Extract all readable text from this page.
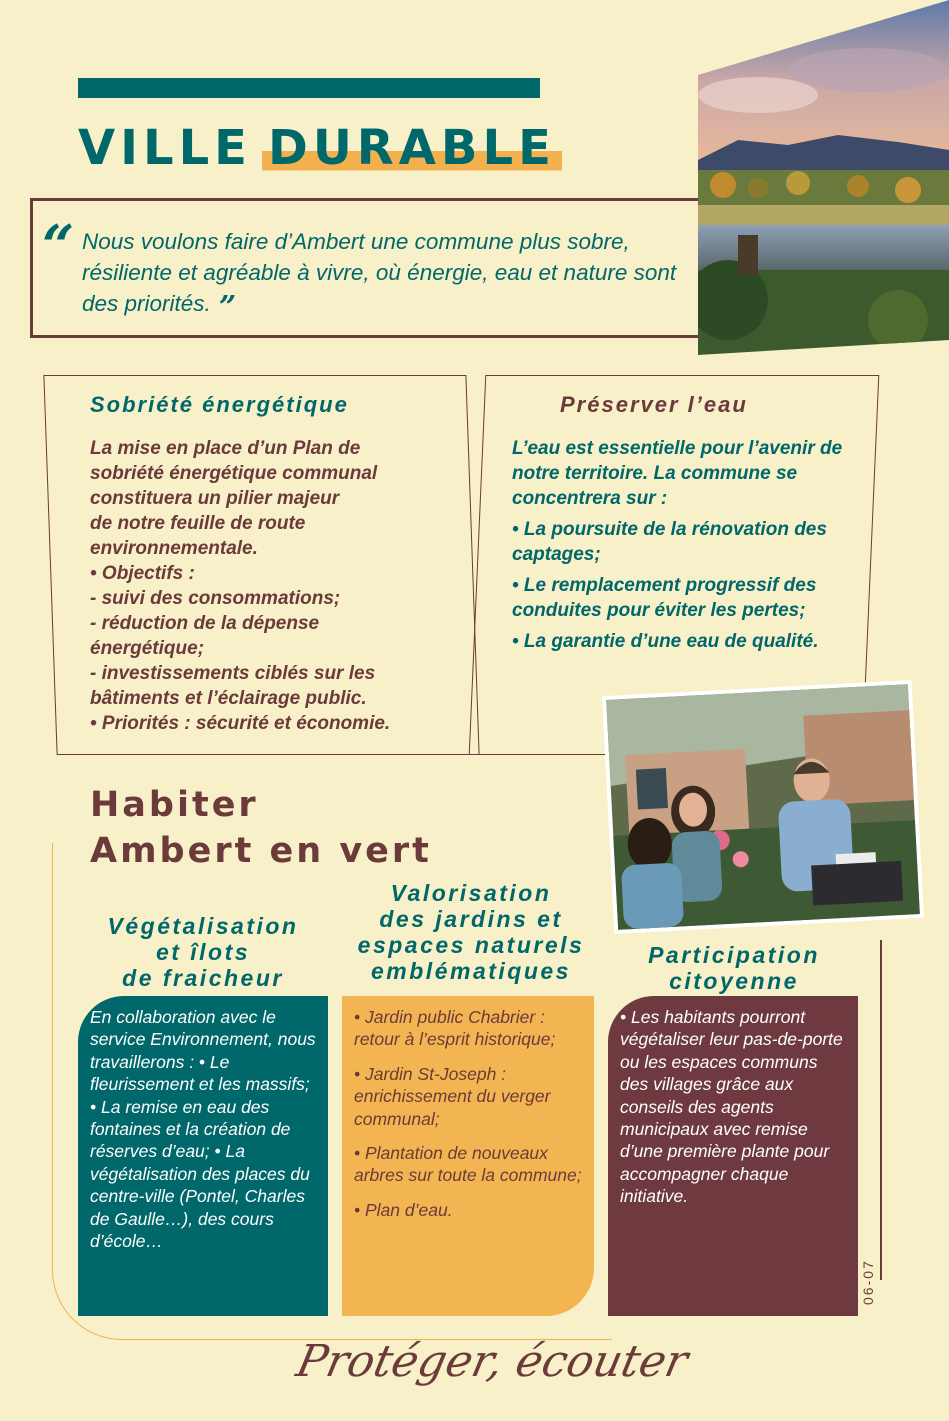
VILLE DURABLE
“ Nous voulons faire d’Ambert une commune plus sobre, résiliente et agréable à vivre, où énergie, eau et nature sont des priorités. ”
Sobriété énergétique
La mise en place d’un Plan de
sobriété énergétique communal
constituera un pilier majeur
de notre feuille de route
environnementale.
• Objectifs :
- suivi des consommations;
- réduction de la dépense
énergétique;
- investissements ciblés sur les
bâtiments et l’éclairage public.
• Priorités : sécurité et économie.
Préserver l’eau

L’eau est essentielle pour l’avenir de notre territoire. La commune se concentrera sur :

• La poursuite de la rénovation des captages;

• Le remplacement progressif des conduites pour éviter les pertes;

• La garantie d’une eau de qualité.

Habiter
Ambert en vert
Végétalisation
et îlots
de fraicheur
Valorisation
des jardins et
espaces naturels
emblématiques
Participation
citoyenne
En collaboration avec le service Environnement, nous travaillerons : • Le fleurissement et les massifs; • La remise en eau des fontaines et la création de réserves d’eau; • La végétalisation des places du centre-ville (Pontel, Charles de Gaulle…), des cours d’école…

• Jardin public Chabrier : retour à l’esprit historique;

• Jardin St-Joseph : enrichissement du verger communal;

• Plantation de nouveaux arbres sur toute la commune;

• Plan d’eau.

• Les habitants pourront végétaliser leur pas-de-porte ou les espaces communs des villages grâce aux conseils des agents municipaux avec remise d’une première plante pour accompagner chaque initiative.
06-07
Protéger, écouter
